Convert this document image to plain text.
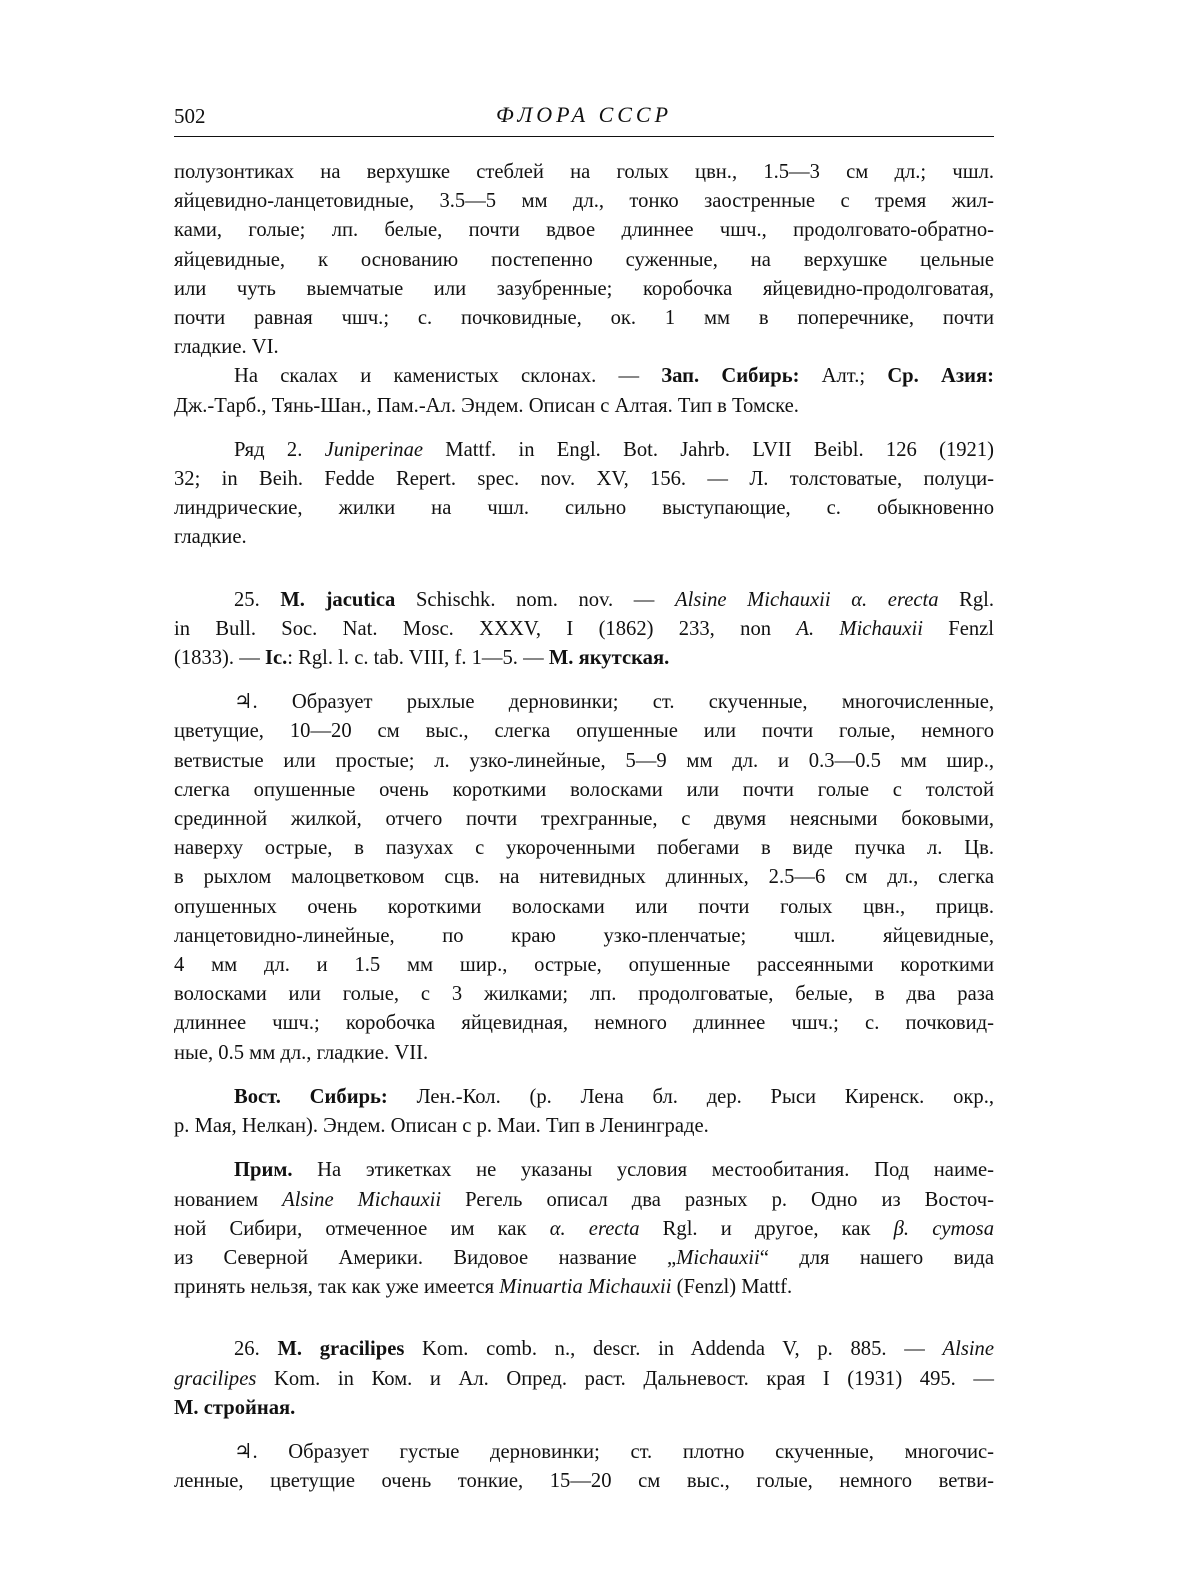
502	ФЛОРА СССР

полузонтиках на верхушке стеблей на голых цвн., 1.5—3 см дл.; чшл.
яйцевидно-ланцетовидные, 3.5—5 мм дл., тонко заостренные с тремя жил-
ками, голые; лп. белые, почти вдвое длиннее чшч., продолговато-обратно-
яйцевидные, к основанию постепенно суженные, на верхушке цельные
или чуть выемчатые или зазубренные; коробочка яйцевидно-продолговатая,
почти равная чшч.; с. почковидные, ок. 1 мм в поперечнике, почти
гладкие. VI.

На скалах и каменистых склонах. — Зап. Сибирь: Алт.; Ср. Азия:
Дж.-Тарб., Тянь-Шан., Пам.-Ал. Эндем. Описан с Алтая. Тип в Томске.

Ряд 2. Juniperinae Mattf. in Engl. Bot. Jahrb. LVII Beibl. 126 (1921)
32; in Beih. Fedde Repert. spec. nov. XV, 156. — Л. толстоватые, полуци-
линдрические, жилки на чшл. сильно выступающие, с. обыкновенно
гладкие.

25. M. jacutica Schischk. nom. nov. — Alsine Michauxii α. erecta Rgl.
in Bull. Soc. Nat. Mosc. XXXV, I (1862) 233, non A. Michauxii Fenzl
(1833). — Ic.: Rgl. l. c. tab. VIII, f. 1—5. — M. якутская.

♃. Образует рыхлые дерновинки; ст. скученные, многочисленные,
цветущие, 10—20 см выс., слегка опушенные или почти голые, немного
ветвистые или простые; л. узко-линейные, 5—9 мм дл. и 0.3—0.5 мм шир.,
слегка опушенные очень короткими волосками или почти голые с толстой
срединной жилкой, отчего почти трехгранные, с двумя неясными боковыми,
наверху острые, в пазухах с укороченными побегами в виде пучка л. Цв.
в рыхлом малоцветковом сцв. на нитевидных длинных, 2.5—6 см дл., слегка
опушенных очень короткими волосками или почти голых цвн., прицв.
ланцетовидно-линейные, по краю узко-пленчатые; чшл. яйцевидные,
4 мм дл. и 1.5 мм шир., острые, опушенные рассеянными короткими
волосками или голые, с 3 жилками; лп. продолговатые, белые, в два раза
длиннее чшч.; коробочка яйцевидная, немного длиннее чшч.; с. почковид-
ные, 0.5 мм дл., гладкие. VII.

Вост. Сибирь: Лен.-Кол. (р. Лена бл. дер. Рыси Киренск. окр.,
р. Мая, Нелкан). Эндем. Описан с р. Маи. Тип в Ленинграде.

Прим. На этикетках не указаны условия местообитания. Под наиме-
нованием Alsine Michauxii Регель описал два разных р. Одно из Восточ-
ной Сибири, отмеченное им как α. erecta Rgl. и другое, как β. cymosa
из Северной Америки. Видовое название „Michauxii“ для нашего вида
принять нельзя, так как уже имеется Minuartia Michauxii (Fenzl) Mattf.

26. M. gracilipes Kom. comb. n., descr. in Addenda V, p. 885. — Alsine
gracilipes Kom. in Ком. и Ал. Опред. раст. Дальневост. края I (1931) 495. —
M. стройная.

♃. Образует густые дерновинки; ст. плотно скученные, многочис-
ленные, цветущие очень тонкие, 15—20 см выс., голые, немного ветви-
